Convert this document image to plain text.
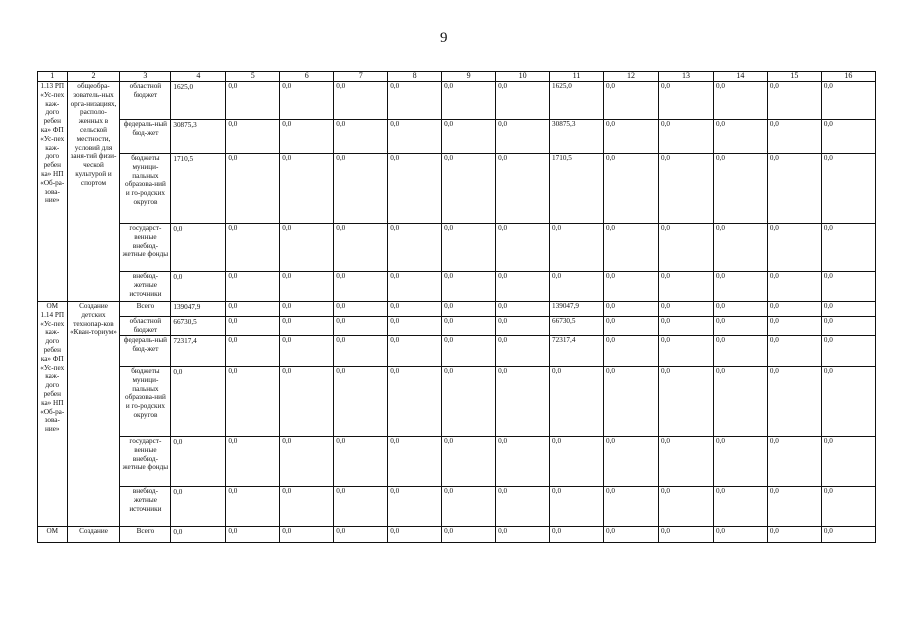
9
1	2	3	4	5	6	7	8	9	10	11	12	13	14	15	16
1.13 РП «Ус-пех каж-дого ребен ка» ФП «Ус-пех каж-дого ребен ка» НП «Об-ра-зова-ние»	общеобра-зователь-ных орга-низациях, располо-женных в сельской местности, условий для заня-тий физи-ческой культурой и спортом	областной бюджет	1625,0	0,0	0,0	0,0	0,0	0,0	0,0	1625,0	0,0	0,0	0,0	0,0	0,0
		федераль-ный бюд-жет	30875,3	0,0	0,0	0,0	0,0	0,0	0,0	30875,3	0,0	0,0	0,0	0,0	0,0
		бюджеты муници-пальных образова-ний и го-родских округов	1710,5	0,0	0,0	0,0	0,0	0,0	0,0	1710,5	0,0	0,0	0,0	0,0	0,0
		государст-венные внебюд-жетные фонды	0,0	0,0	0,0	0,0	0,0	0,0	0,0	0,0	0,0	0,0	0,0	0,0	0,0
		внебюд-жетные источники	0,0	0,0	0,0	0,0	0,0	0,0	0,0	0,0	0,0	0,0	0,0	0,0	0,0
ОМ 1.14 РП «Ус-пех каж-дого ребен ка» ФП «Ус-пех каж-дого ребен ка» НП «Об-ра-зова-ние»	Создание детских технопар-ков «Кван-ториум»	Всего	139047,9	0,0	0,0	0,0	0,0	0,0	0,0	139047,9	0,0	0,0	0,0	0,0	0,0
		областной бюджет	66730,5	0,0	0,0	0,0	0,0	0,0	0,0	66730,5	0,0	0,0	0,0	0,0	0,0
		федераль-ный бюд-жет	72317,4	0,0	0,0	0,0	0,0	0,0	0,0	72317,4	0,0	0,0	0,0	0,0	0,0
		бюджеты муници-пальных образова-ний и го-родских округов	0,0	0,0	0,0	0,0	0,0	0,0	0,0	0,0	0,0	0,0	0,0	0,0	0,0
		государст-венные внебюд-жетные фонды	0,0	0,0	0,0	0,0	0,0	0,0	0,0	0,0	0,0	0,0	0,0	0,0	0,0
		внебюд-жетные источники	0,0	0,0	0,0	0,0	0,0	0,0	0,0	0,0	0,0	0,0	0,0	0,0	0,0
ОМ	Создание	Всего	0,0	0,0	0,0	0,0	0,0	0,0	0,0	0,0	0,0	0,0	0,0	0,0	0,0
